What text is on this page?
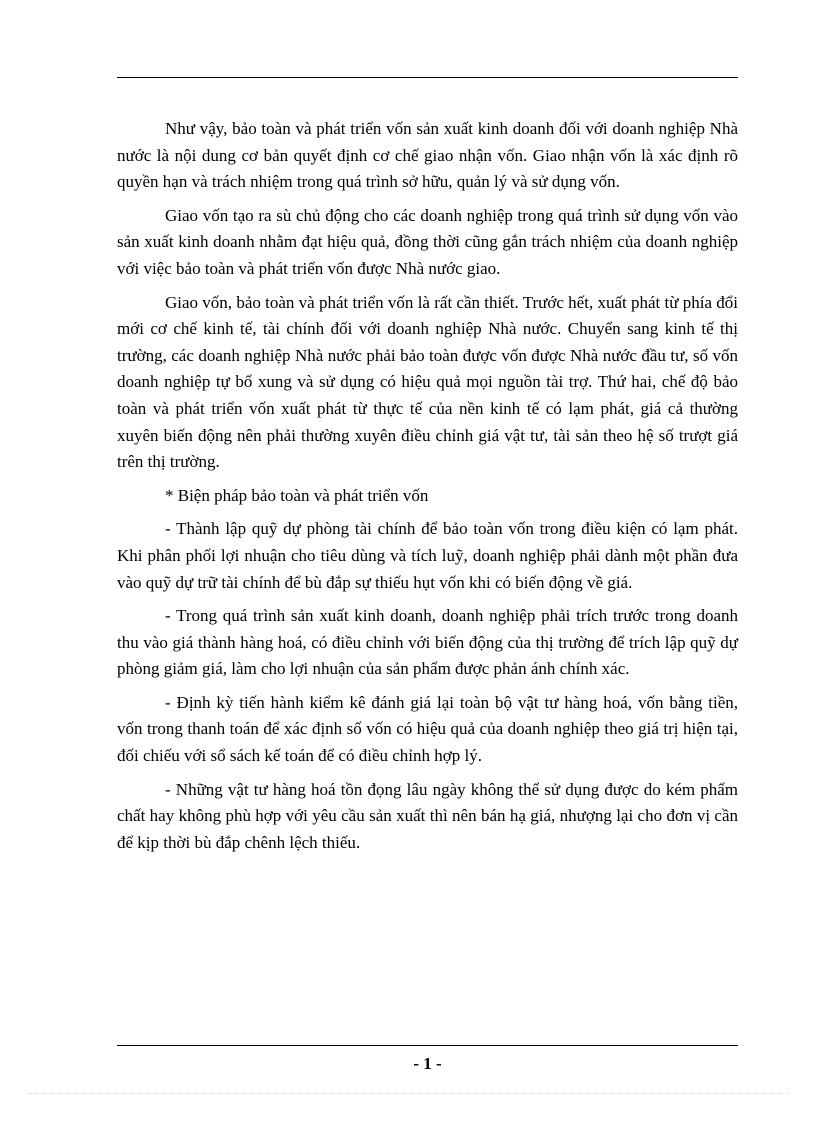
Như vậy, bảo toàn và phát triển vốn sản xuất kinh doanh đối với doanh nghiệp Nhà nước là nội dung cơ bản quyết định cơ chế giao nhận vốn. Giao nhận vốn là xác định rõ quyền hạn và trách nhiệm trong quá trình sở hữu, quản lý và sử dụng vốn.

Giao vốn tạo ra sù chủ động cho các doanh nghiệp trong quá trình sử dụng vốn vào sản xuất kinh doanh nhằm đạt hiệu quả, đồng thời cũng gắn trách nhiệm của doanh nghiệp với việc bảo toàn và phát triển vốn được Nhà nước giao.

Giao vốn, bảo toàn và phát triển vốn là rất cần thiết. Trước hết, xuất phát từ phía đổi mới cơ chế kinh tế, tài chính đối với doanh nghiệp Nhà nước. Chuyển sang kinh tế thị trường, các doanh nghiệp Nhà nước phải bảo toàn được vốn được Nhà nước đầu tư, số vốn doanh nghiệp tự bổ xung và sử dụng có hiệu quả mọi nguồn tài trợ. Thứ hai, chế độ bảo toàn và phát triển vốn xuất phát từ thực tế của nền kinh tế có lạm phát, giá cả thường xuyên biến động nên phải thường xuyên điều chỉnh giá vật tư, tài sản theo hệ số trượt giá trên thị trường.

* Biện pháp bảo toàn và phát triển vốn

- Thành lập quỹ dự phòng tài chính để bảo toàn vốn trong điều kiện có lạm phát. Khi phân phối lợi nhuận cho tiêu dùng và tích luỹ, doanh nghiệp phải dành một phần đưa vào quỹ dự trữ tài chính để bù đắp sự thiếu hụt vốn khi có biến động về giá.

- Trong quá trình sản xuất kinh doanh, doanh nghiệp phải trích trước trong doanh thu vào giá thành hàng hoá, có điều chỉnh với biến động của thị trường để trích lập quỹ dự phòng giảm giá, làm cho lợi nhuận của sản phẩm được phản ánh chính xác.

- Định kỳ tiến hành kiểm kê đánh giá lại toàn bộ vật tư hàng hoá, vốn bằng tiền, vốn trong thanh toán để xác định số vốn có hiệu quả của doanh nghiệp theo giá trị hiện tại, đối chiếu với sổ sách kế toán để có điều chỉnh hợp lý.

- Những vật tư hàng hoá tồn đọng lâu ngày không thể sử dụng được do kém phẩm chất hay không phù hợp với yêu cầu sản xuất thì nên bán hạ giá, nhượng lại cho đơn vị cần để kịp thời bù đắp chênh lệch thiếu.

- 1 -
